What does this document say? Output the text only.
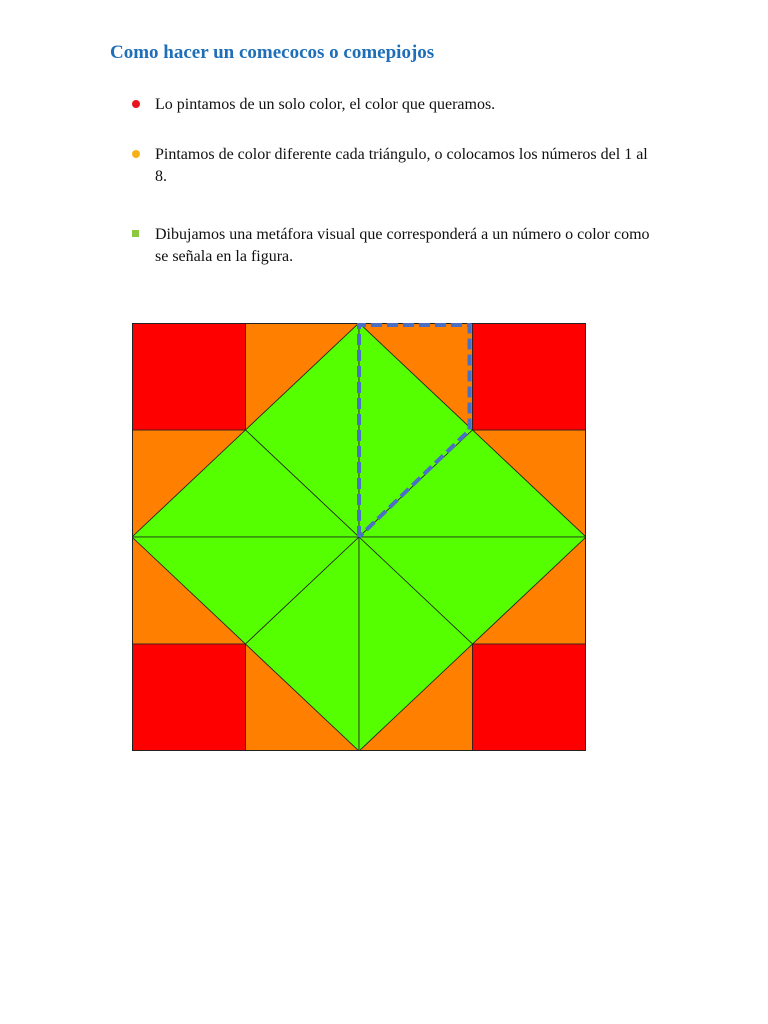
Como hacer un comecocos o comepiojos
Lo pintamos de un solo color, el color que queramos.
Pintamos de color diferente cada triángulo, o colocamos los números del 1 al 8.
Dibujamos una metáfora visual que corresponderá a un número o color como se señala en la figura.
